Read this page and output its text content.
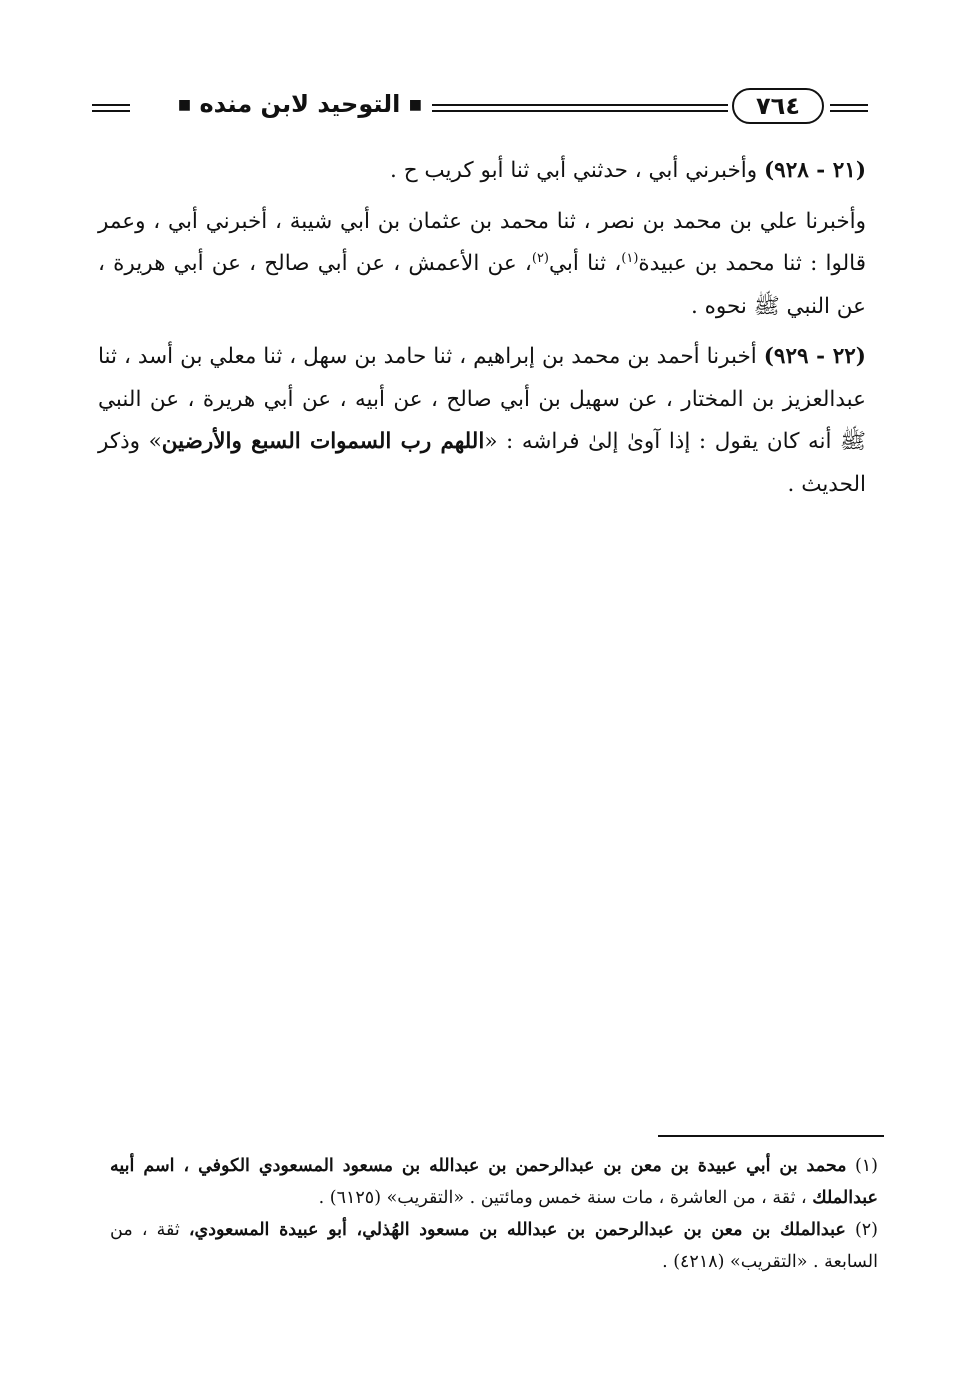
■ التوحيد لابن منده ■	٧٦٤

(٢١ - ٩٢٨) وأخبرني أبي ، حدثني أبي ثنا أبو كريب ح .

وأخبرنا علي بن محمد بن نصر ، ثنا محمد بن عثمان بن أبي شيبة ، أخبرني أبي ، وعمر قالوا : ثنا محمد بن عبيدة$^{(١)}$، ثنا أبي$^{(٢)}$، عن الأعمش ، عن أبي صالح ، عن أبي هريرة ، عن النبي ﷺ نحوه .

(٢٢ - ٩٢٩) أخبرنا أحمد بن محمد بن إبراهيم ، ثنا حامد بن سهل ، ثنا معلي بن أسد ، ثنا عبدالعزيز بن المختار ، عن سهيل بن أبي صالح ، عن أبيه ، عن أبي هريرة ، عن النبي ﷺ أنه كان يقول : إذا آوىٰ إلىٰ فراشه : «اللهم رب السموات السبع والأرضين» وذكر الحديث .

(١) محمد بن أبي عبيدة بن معن بن عبدالرحمن بن عبدالله بن مسعود المسعودي الكوفي ، اسم أبيه عبدالملك ، ثقة ، من العاشرة ، مات سنة خمس ومائتين . «التقريب» (٦١٢٥) .

(٢) عبدالملك بن معن بن عبدالرحمن بن عبدالله بن مسعود الهُذلي، أبو عبيدة المسعودي، ثقة ، من السابعة . «التقريب» (٤٢١٨) .
